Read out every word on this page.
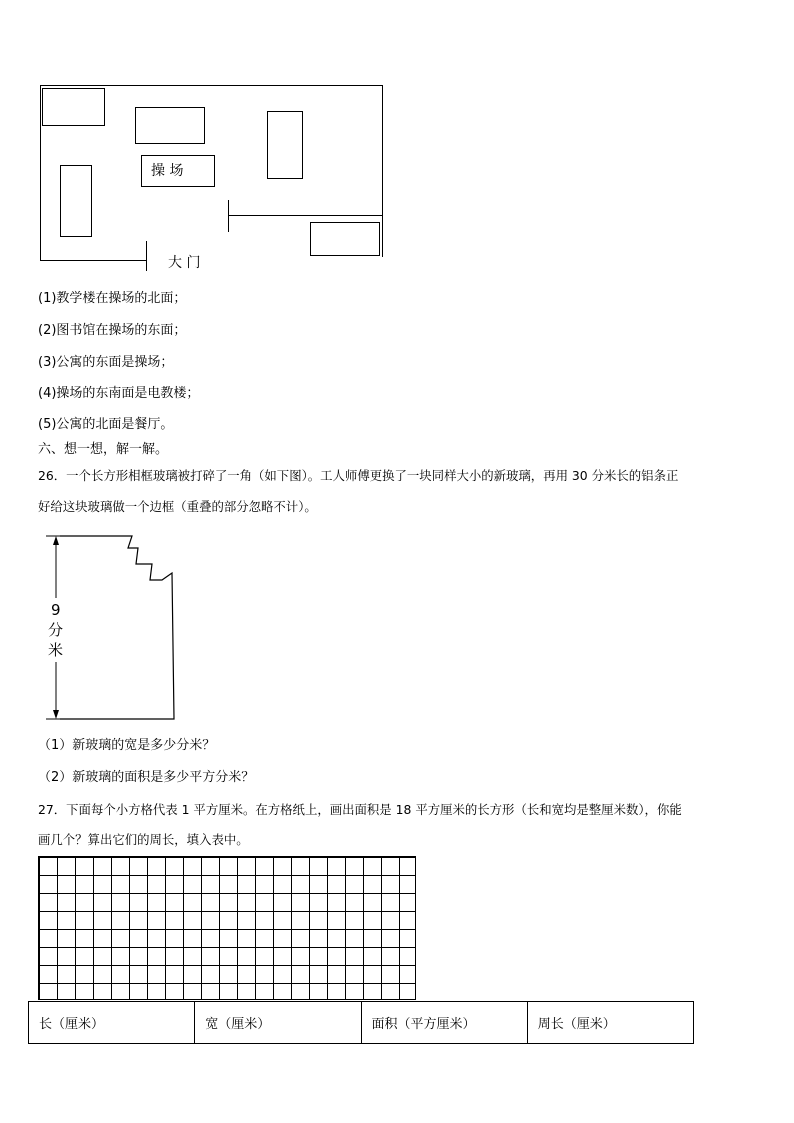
操 场
大 门
(1)教学楼在操场的北面；
(2)图书馆在操场的东面；
(3)公寓的东面是操场；
(4)操场的东南面是电教楼；
(5)公寓的北面是餐厅。
六、想一想，解一解。
26．一个长方形相框玻璃被打碎了一角（如下图）。工人师傅更换了一块同样大小的新玻璃，再用 30 分米长的铝条正
好给这块玻璃做一个边框（重叠的部分忽略不计）。
9
分
米
（1）新玻璃的宽是多少分米？
（2）新玻璃的面积是多少平方分米？
27．下面每个小方格代表 1 平方厘米。在方格纸上，画出面积是 18 平方厘米的长方形（长和宽均是整厘米数），你能
画几个？算出它们的周长，填入表中。
长（厘米）	宽（厘米）	面积（平方厘米）	周长（厘米）
